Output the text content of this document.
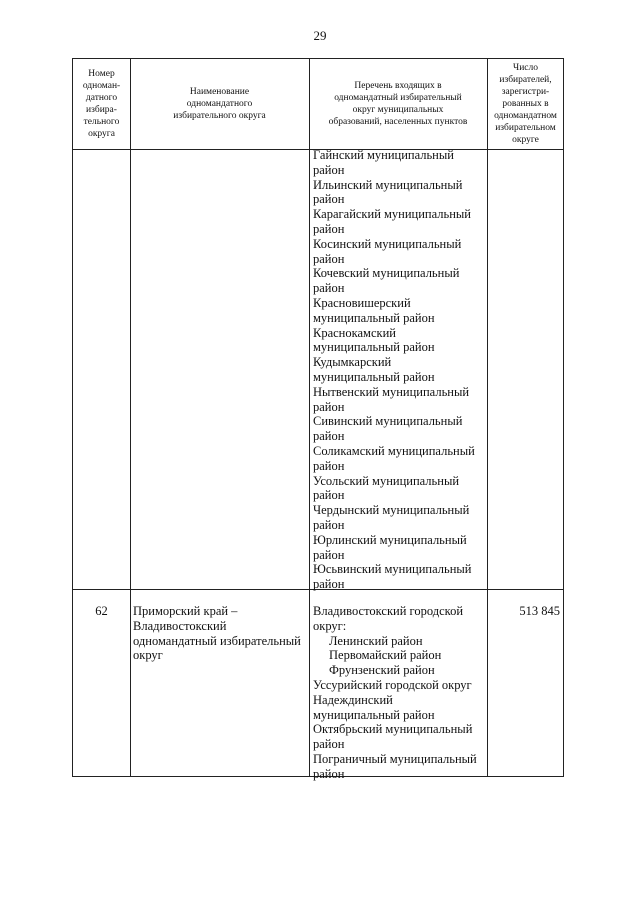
29
Номер
одноман-
датного
избира-
тельного
округа
Наименование
одномандатного
избирательного округа
Перечень входящих в
одномандатный избирательный
округ муниципальных
образований, населенных пунктов
Число
избирателей,
зарегистри-
рованных в
одномандатном
избирательном
округе
Гайнский муниципальный
район
Ильинский муниципальный
район
Карагайский муниципальный
район
Косинский муниципальный
район
Кочевский муниципальный
район
Красновишерский
муниципальный район
Краснокамский
муниципальный район
Кудымкарский
муниципальный район
Нытвенский муниципальный
район
Сивинский муниципальный
район
Соликамский муниципальный
район
Усольский муниципальный
район
Чердынский муниципальный
район
Юрлинский муниципальный
район
Юсьвинский муниципальный
район
62	Приморский край –
Владивостокский
одномандатный избирательный
округ
Владивостокский городской
округ:
Ленинский район
Первомайский район
Фрунзенский район
Уссурийский городской округ
Надеждинский
муниципальный район
Октябрьский муниципальный
район
Пограничный муниципальный
район
513 845
